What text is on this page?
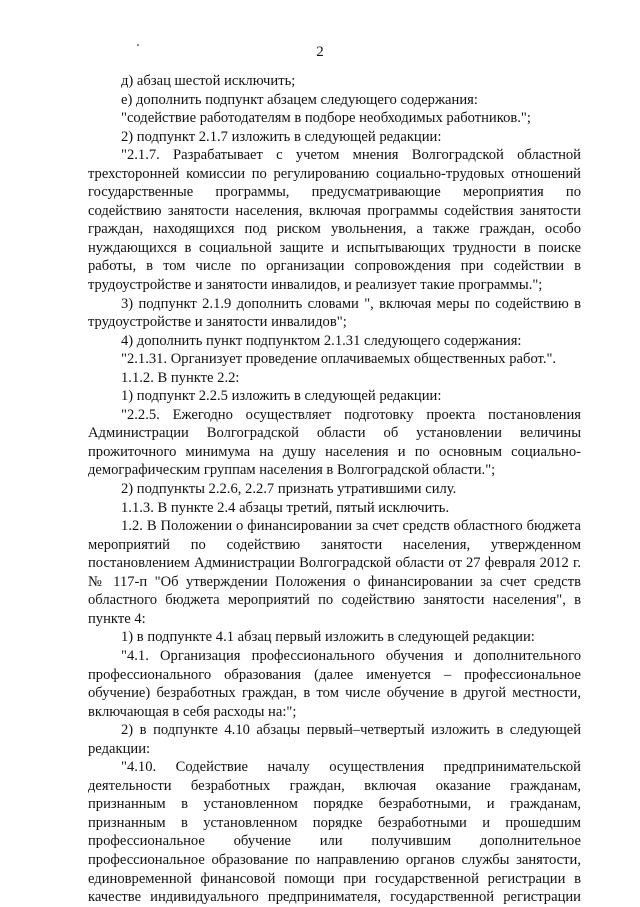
2

д) абзац шестой исключить;

е) дополнить подпункт абзацем следующего содержания:

"содействие работодателям в подборе необходимых работников.";

2) подпункт 2.1.7 изложить в следующей редакции:

"2.1.7. Разрабатывает с учетом мнения Волгоградской областной трехсторонней комиссии по регулированию социально-трудовых отношений государственные программы, предусматривающие мероприятия по содействию занятости населения, включая программы содействия занятости граждан, находящихся под риском увольнения, а также граждан, особо нуждающихся в социальной защите и испытывающих трудности в поиске работы, в том числе по организации сопровождения при содействии в трудоустройстве и занятости инвалидов, и реализует такие программы.";

3) подпункт 2.1.9 дополнить словами ", включая меры по содействию в трудоустройстве и занятости инвалидов";

4) дополнить пункт подпунктом 2.1.31 следующего содержания:

"2.1.31. Организует проведение оплачиваемых общественных работ.".

1.1.2. В пункте 2.2:

1) подпункт 2.2.5 изложить в следующей редакции:

"2.2.5. Ежегодно осуществляет подготовку проекта постановления Администрации Волгоградской области об установлении величины прожиточного минимума на душу населения и по основным социально-демографическим группам населения в Волгоградской области.";

2) подпункты 2.2.6, 2.2.7 признать утратившими силу.

1.1.3. В пункте 2.4 абзацы третий, пятый исключить.

1.2. В Положении о финансировании за счет средств областного бюджета мероприятий по содействию занятости населения, утвержденном постановлением Администрации Волгоградской области от 27 февраля 2012 г. № 117-п "Об утверждении Положения о финансировании за счет средств областного бюджета мероприятий по содействию занятости населения", в пункте 4:

1) в подпункте 4.1 абзац первый изложить в следующей редакции:

"4.1. Организация профессионального обучения и дополнительного профессионального образования (далее именуется – профессиональное обучение) безработных граждан, в том числе обучение в другой местности, включающая в себя расходы на:";

2) в подпункте 4.10 абзацы первый–четвертый изложить в следующей редакции:

"4.10. Содействие началу осуществления предпринимательской деятельности безработных граждан, включая оказание гражданам, признанным в установленном порядке безработными, и гражданам, признанным в установленном порядке безработными и прошедшим профессиональное обучение или получившим дополнительное профессиональное образование по направлению органов службы занятости, единовременной финансовой помощи при государственной регистрации в качестве индивидуального предпринимателя, государственной регистрации
